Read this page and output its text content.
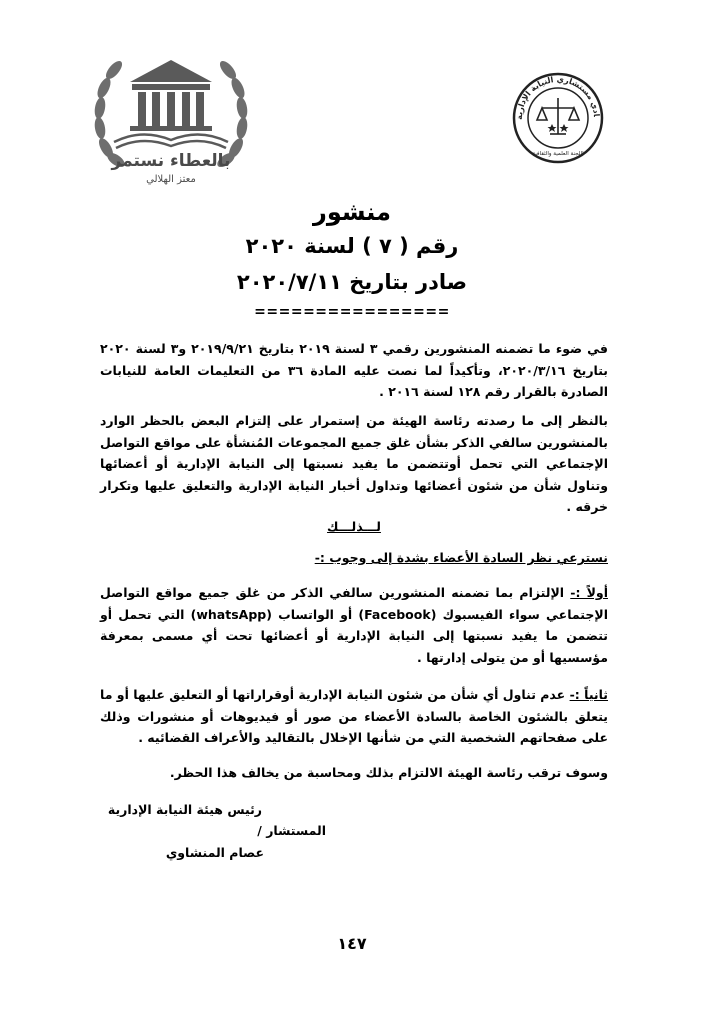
بالعطاء نستمر
معتز الهلالي
ادي مستشاري النيابة الإدارية
اللجنة العلمية والثقافية
منشور
رقم ( ٧ ) لسنة ٢٠٢٠
صادر بتاريخ ٢٠٢٠/٧/١١
================
في ضوء ما تضمنه المنشورين رقمي ٣ لسنة ٢٠١٩ بتاريخ ٢٠١٩/٩/٢١ و٣ لسنة ٢٠٢٠ بتاريخ ٢٠٢٠/٣/١٦، وتأكيداً لما نصت عليه المادة ٣٦ من التعليمات العامة للنيابات الصادرة بالقرار رقم ١٢٨ لسنة ٢٠١٦ .
بالنظر إلى ما رصدته رئاسة الهيئة من إستمرار على إلتزام البعض بالحظر الوارد بالمنشورين سالفي الذكر بشأن غلق جميع المجموعات المُنشأة على مواقع التواصل الإجتماعي التي تحمل أوتتضمن ما يفيد نسبتها إلى النيابة الإدارية أو أعضائها وتناول شأن من شئون أعضائها وتداول أخبار النيابة الإدارية والتعليق عليها وتكرار خرقه .
لـــذلـــك
نسترعي نظر السادة الأعضاء بشدة إلى وجوب :-
أولاً :- الإلتزام بما تضمنه المنشورين سالفي الذكر من غلق جميع مواقع التواصل الإجتماعي سواء الفيسبوك (Facebook) أو الواتساب (whatsApp) التي تحمل أو تتضمن ما يفيد نسبتها إلى النيابة الإدارية أو أعضائها تحت أي مسمى بمعرفة مؤسسيها أو من يتولى إدارتها .
ثانياً :- عدم تناول أي شأن من شئون النيابة الإدارية أوقراراتها أو التعليق عليها أو ما يتعلق بالشئون الخاصة بالسادة الأعضاء من صور أو فيديوهات أو منشورات وذلك على صفحاتهم الشخصية التي من شأنها الإخلال بالتقاليد والأعراف القضائيه .
وسوف ترقب رئاسة الهيئة الالتزام بذلك ومحاسبة من يخالف هذا الحظر.
رئيس هيئة النيابة الإدارية
المستشار /
عصام المنشاوي
١٤٧
